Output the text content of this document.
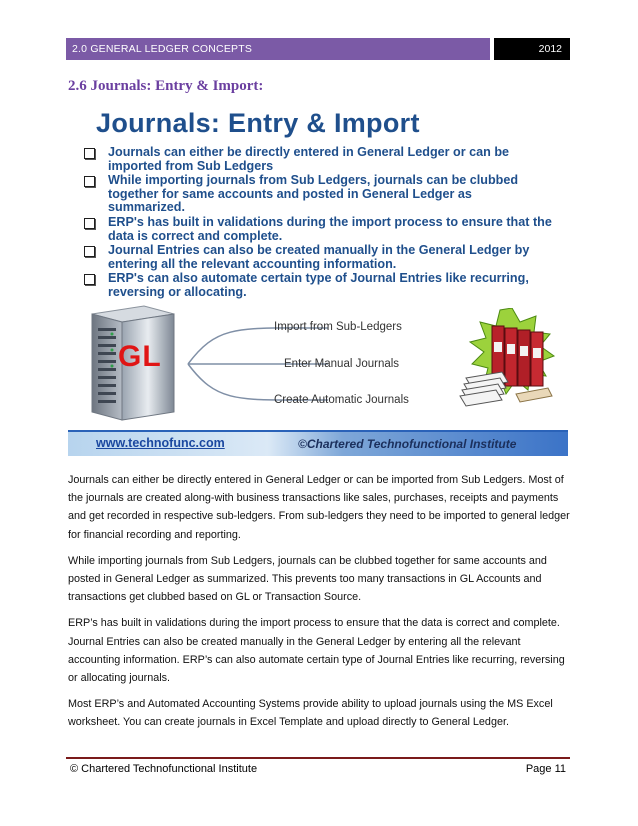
2.0 GENERAL LEDGER CONCEPTS	2012
2.6 Journals: Entry & Import:
Journals: Entry & Import
Journals can either be directly entered in General Ledger or can be imported from Sub Ledgers
While importing journals from Sub Ledgers, journals can be clubbed together for same accounts and posted in General Ledger as summarized.
ERP's has built in validations during the import process to ensure that the data is correct and complete.
Journal Entries can also be created manually in the General Ledger by entering all the relevant accounting information.
ERP's can also automate certain type of Journal Entries like recurring, reversing or allocating.
GL
Import from Sub-Ledgers
Enter Manual Journals
Create Automatic Journals
www.technofunc.com	©Chartered Technofunctional Institute

Journals can either be directly entered in General Ledger or can be imported from Sub Ledgers. Most of the journals are created along-with business transactions like sales, purchases, receipts and payments and get recorded in respective sub-ledgers. From sub-ledgers they need to be imported to general ledger for financial recording and reporting.

While importing journals from Sub Ledgers, journals can be clubbed together for same accounts and posted in General Ledger as summarized. This prevents too many transactions in GL Accounts and transactions get clubbed based on GL or Transaction Source.

ERP’s has built in validations during the import process to ensure that the data is correct and complete. Journal Entries can also be created manually in the General Ledger by entering all the relevant accounting information. ERP’s can also automate certain type of Journal Entries like recurring, reversing or allocating journals.

Most ERP’s and Automated Accounting Systems provide ability to upload journals using the MS Excel worksheet. You can create journals in Excel Template and upload directly to General Ledger.

© Chartered Technofunctional Institute	Page 11
